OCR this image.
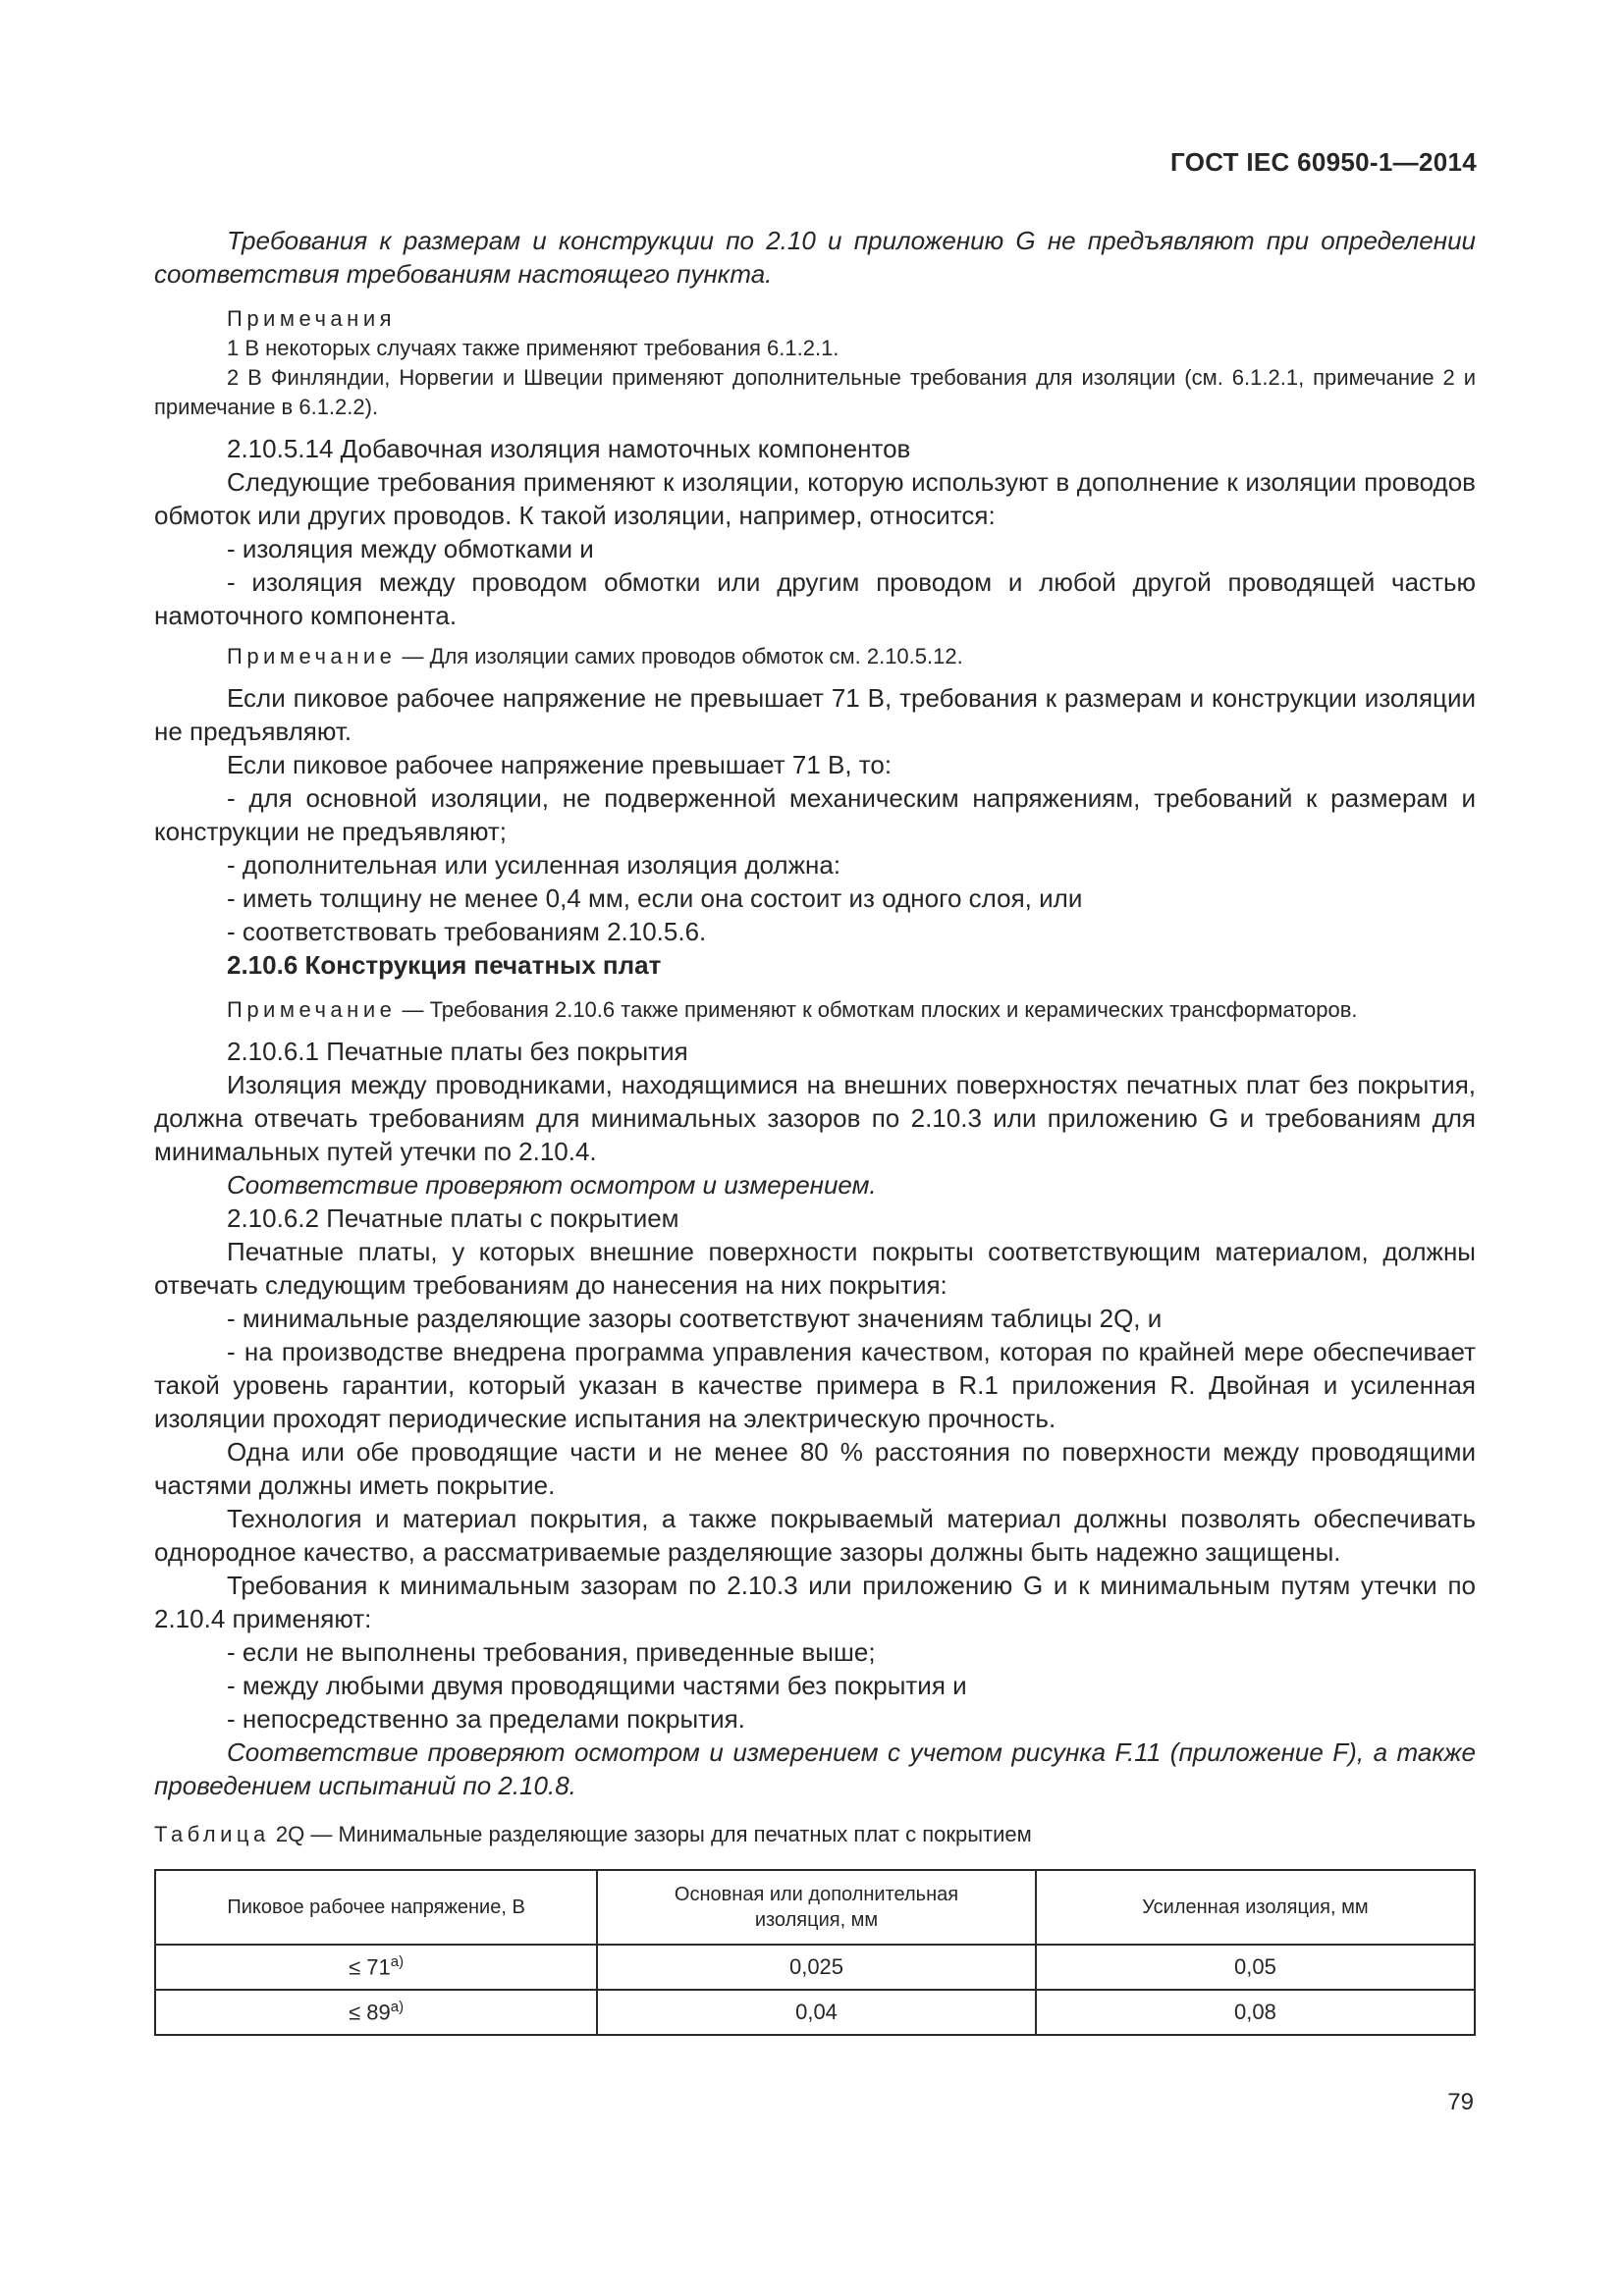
ГОСТ IEC 60950-1—2014

Требования к размерам и конструкции по 2.10 и приложению G не предъявляют при определении соответствия требованиям настоящего пункта.

Примечания

1 В некоторых случаях также применяют требования 6.1.2.1.

2 В Финляндии, Норвегии и Швеции применяют дополнительные требования для изоляции (см. 6.1.2.1, примечание 2 и примечание в 6.1.2.2).

2.10.5.14 Добавочная изоляция намоточных компонентов

Следующие требования применяют к изоляции, которую используют в дополнение к изоляции проводов обмоток или других проводов. К такой изоляции, например, относится:

- изоляция между обмотками и

- изоляция между проводом обмотки или другим проводом и любой другой проводящей частью намоточного компонента.

Примечание — Для изоляции самих проводов обмоток см. 2.10.5.12.

Если пиковое рабочее напряжение не превышает 71 В, требования к размерам и конструкции изоляции не предъявляют.

Если пиковое рабочее напряжение превышает 71 В, то:

- для основной изоляции, не подверженной механическим напряжениям, требований к размерам и конструкции не предъявляют;

- дополнительная или усиленная изоляция должна:

- иметь толщину не менее 0,4 мм, если она состоит из одного слоя, или

- соответствовать требованиям 2.10.5.6.

2.10.6 Конструкция печатных плат

Примечание — Требования 2.10.6 также применяют к обмоткам плоских и керамических трансформаторов.

2.10.6.1 Печатные платы без покрытия

Изоляция между проводниками, находящимися на внешних поверхностях печатных плат без покрытия, должна отвечать требованиям для минимальных зазоров по 2.10.3 или приложению G и требованиям для минимальных путей утечки по 2.10.4.

Соответствие проверяют осмотром и измерением.

2.10.6.2 Печатные платы с покрытием

Печатные платы, у которых внешние поверхности покрыты соответствующим материалом, должны отвечать следующим требованиям до нанесения на них покрытия:

- минимальные разделяющие зазоры соответствуют значениям таблицы 2Q, и

- на производстве внедрена программа управления качеством, которая по крайней мере обеспечивает такой уровень гарантии, который указан в качестве примера в R.1 приложения R. Двойная и усиленная изоляции проходят периодические испытания на электрическую прочность.

Одна или обе проводящие части и не менее 80 % расстояния по поверхности между проводящими частями должны иметь покрытие.

Технология и материал покрытия, а также покрываемый материал должны позволять обеспечивать однородное качество, а рассматриваемые разделяющие зазоры должны быть надежно защищены.

Требования к минимальным зазорам по 2.10.3 или приложению G и к минимальным путям утечки по 2.10.4 применяют:

- если не выполнены требования, приведенные выше;

- между любыми двумя проводящими частями без покрытия и

- непосредственно за пределами покрытия.

Соответствие проверяют осмотром и измерением с учетом рисунка F.11 (приложение F), а также проведением испытаний по 2.10.8.

Таблица 2Q — Минимальные разделяющие зазоры для печатных плат с покрытием

Пиковое рабочее напряжение, В	Основная или дополнительная изоляция, мм	Усиленная изоляция, мм
≤ $71^{a)}$	0,025	0,05
≤ $89^{a)}$	0,04	0,08
79
